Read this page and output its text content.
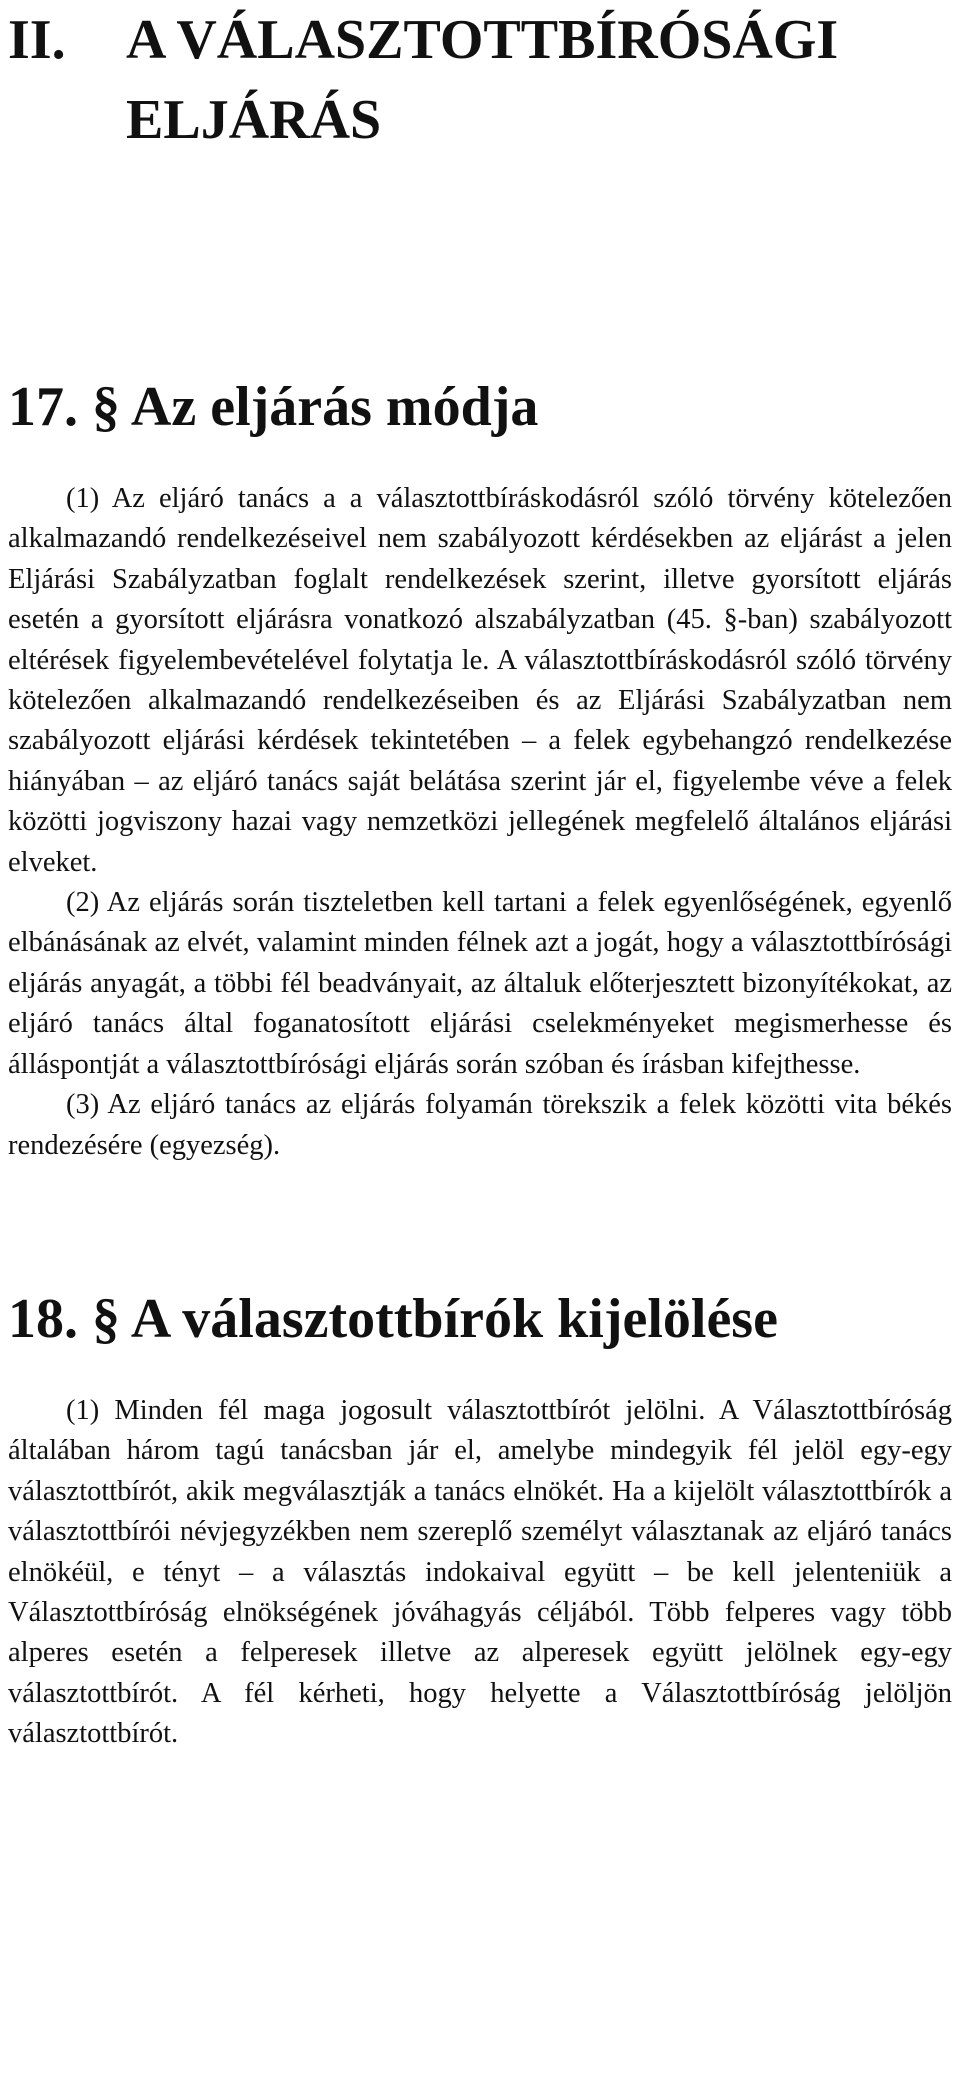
II. A VÁLASZTOTTBÍRÓSÁGI ELJÁRÁS
17. § Az eljárás módja

(1) Az eljáró tanács a a választottbíráskodásról szóló törvény kötelezően alkalmazandó rendelkezéseivel nem szabályozott kérdésekben az eljárást a jelen Eljárási Szabályzatban foglalt rendelkezések szerint, illetve gyorsított eljárás esetén a gyorsított eljárásra vonatkozó alszabályzatban (45. §-ban) szabályozott eltérések figyelembevételével folytatja le. A választottbíráskodásról szóló törvény kötelezően alkalmazandó rendelkezéseiben és az Eljárási Szabályzatban nem szabályozott eljárási kérdések tekintetében – a felek egybehangzó rendelkezése hiányában – az eljáró tanács saját belátása szerint jár el, figyelembe véve a felek közötti jogviszony hazai vagy nemzetközi jellegének megfelelő általános eljárási elveket.

(2) Az eljárás során tiszteletben kell tartani a felek egyenlőségének, egyenlő elbánásának az elvét, valamint minden félnek azt a jogát, hogy a választottbírósági eljárás anyagát, a többi fél beadványait, az általuk előterjesztett bizonyítékokat, az eljáró tanács által foganatosított eljárási cselekményeket megismerhesse és álláspontját a választottbírósági eljárás során szóban és írásban kifejthesse.

(3) Az eljáró tanács az eljárás folyamán törekszik a felek közötti vita békés rendezésére (egyezség).

18. § A választottbírók kijelölése

(1) Minden fél maga jogosult választottbírót jelölni. A Választottbíróság általában három tagú tanácsban jár el, amelybe mindegyik fél jelöl egy-egy választottbírót, akik megválasztják a tanács elnökét. Ha a kijelölt választottbírók a választottbírói névjegyzékben nem szereplő személyt választanak az eljáró tanács elnökéül, e tényt – a választás indokaival együtt – be kell jelenteniük a Választottbíróság elnökségének jóváhagyás céljából. Több felperes vagy több alperes esetén a felperesek illetve az alperesek együtt jelölnek egy-egy választottbírót. A fél kérheti, hogy helyette a Választottbíróság jelöljön választottbírót.
